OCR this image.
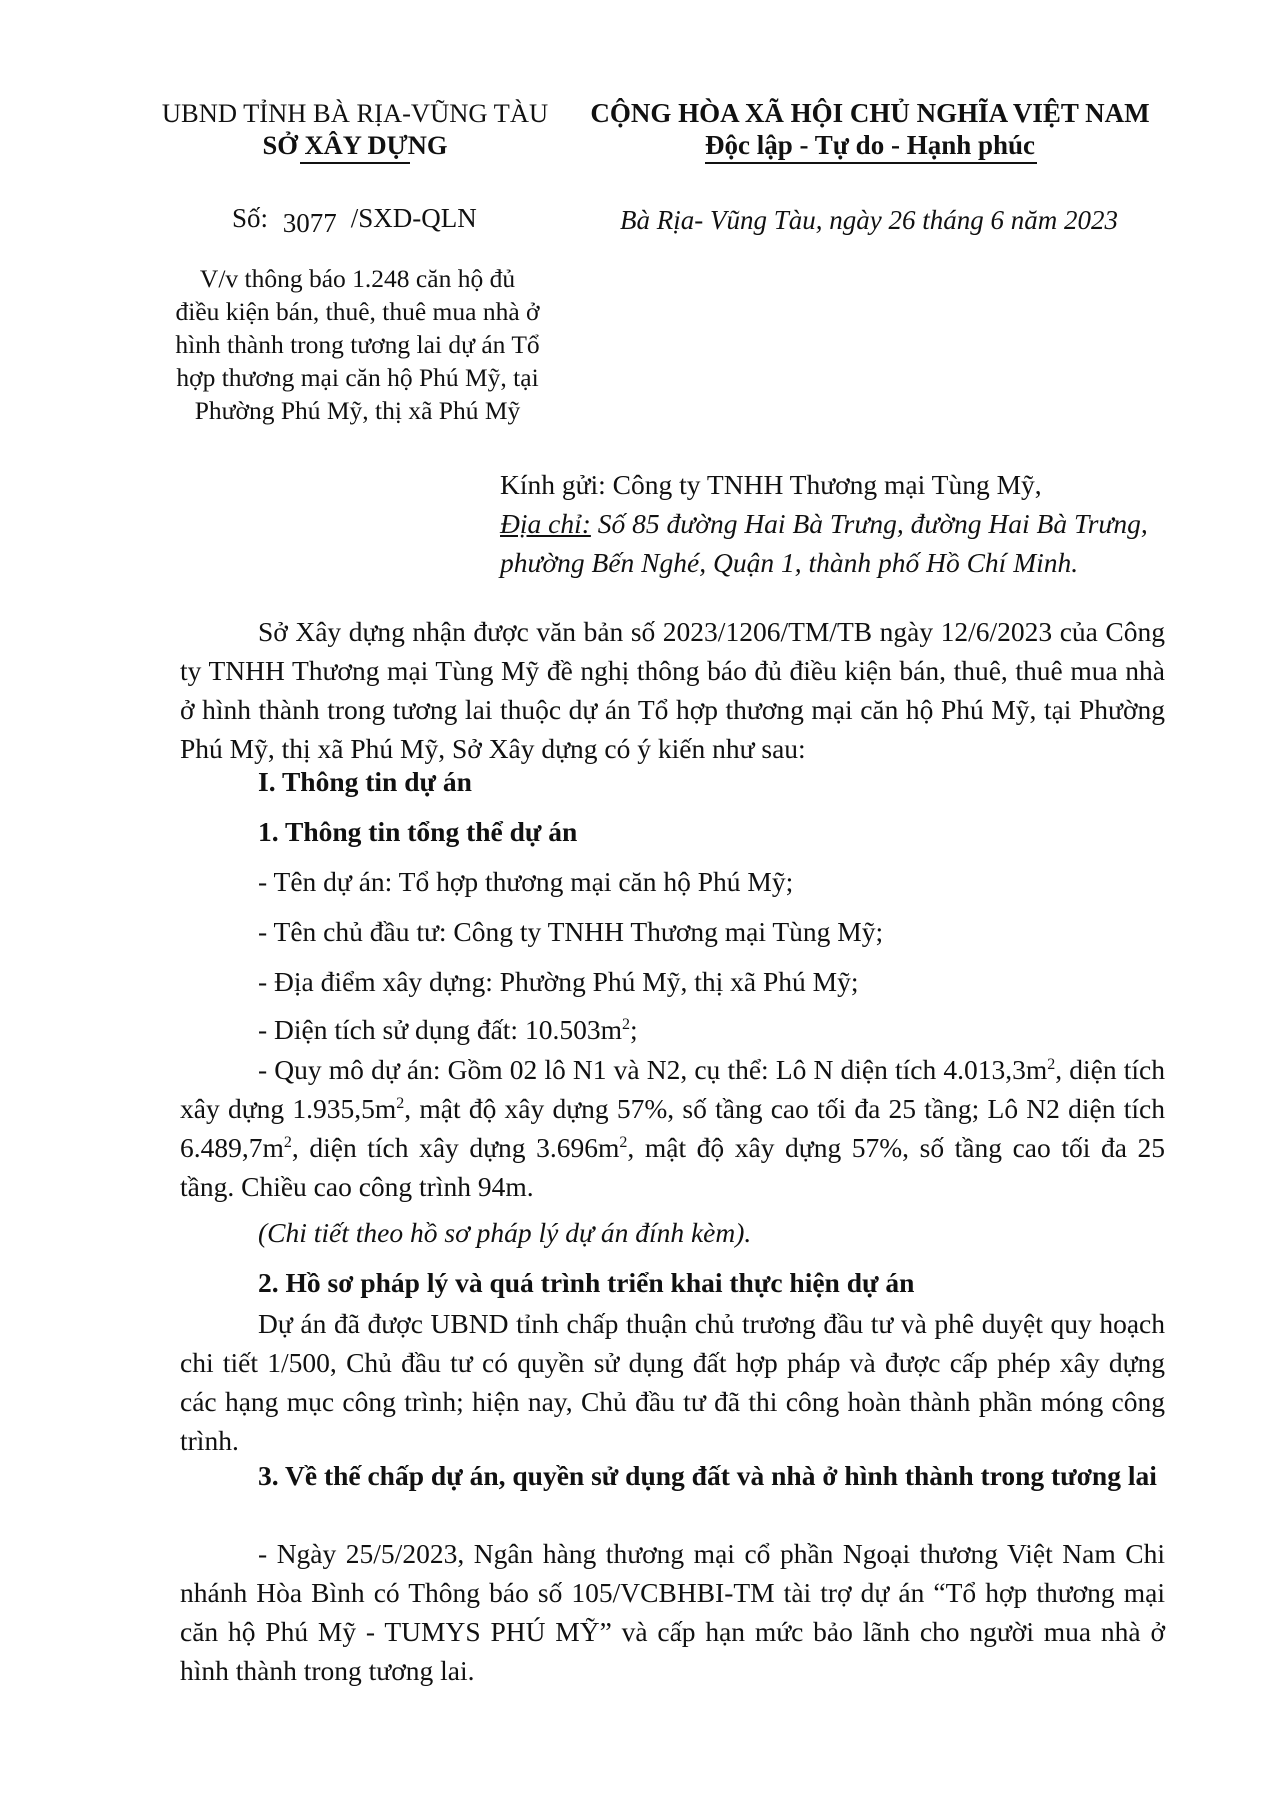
UBND TỈNH BÀ RỊA-VŨNG TÀU
SỞ XÂY DỰNG
CỘNG HÒA XÃ HỘI CHỦ NGHĨA VIỆT NAM
Độc lập - Tự do - Hạnh phúc
Số: 3077 /SXD-QLN	Bà Rịa- Vũng Tàu, ngày 26 tháng 6 năm 2023
V/v thông báo 1.248 căn hộ đủ
điều kiện bán, thuê, thuê mua nhà ở
hình thành trong tương lai dự án Tổ
hợp thương mại căn hộ Phú Mỹ, tại
Phường Phú Mỹ, thị xã Phú Mỹ
Kính gửi: Công ty TNHH Thương mại Tùng Mỹ,
Địa chỉ: Số 85 đường Hai Bà Trưng, đường Hai Bà Trưng,
phường Bến Nghé, Quận 1, thành phố Hồ Chí Minh.
Sở Xây dựng nhận được văn bản số 2023/1206/TM/TB ngày 12/6/2023 của Công ty TNHH Thương mại Tùng Mỹ đề nghị thông báo đủ điều kiện bán, thuê, thuê mua nhà ở hình thành trong tương lai thuộc dự án Tổ hợp thương mại căn hộ Phú Mỹ, tại Phường Phú Mỹ, thị xã Phú Mỹ, Sở Xây dựng có ý kiến như sau:
I. Thông tin dự án
1. Thông tin tổng thể dự án
- Tên dự án: Tổ hợp thương mại căn hộ Phú Mỹ;
- Tên chủ đầu tư: Công ty TNHH Thương mại Tùng Mỹ;
- Địa điểm xây dựng: Phường Phú Mỹ, thị xã Phú Mỹ;
- Diện tích sử dụng đất: $10.503m^2$;
- Quy mô dự án: Gồm 02 lô N1 và N2, cụ thể: Lô N diện tích $4.013,3m^2$, diện tích xây dựng $1.935,5m^2$, mật độ xây dựng 57%, số tầng cao tối đa 25 tầng; Lô N2 diện tích $6.489,7m^2$, diện tích xây dựng $3.696m^2$, mật độ xây dựng 57%, số tầng cao tối đa 25 tầng. Chiều cao công trình 94m.
(Chi tiết theo hồ sơ pháp lý dự án đính kèm).
2. Hồ sơ pháp lý và quá trình triển khai thực hiện dự án
Dự án đã được UBND tỉnh chấp thuận chủ trương đầu tư và phê duyệt quy hoạch chi tiết 1/500, Chủ đầu tư có quyền sử dụng đất hợp pháp và được cấp phép xây dựng các hạng mục công trình; hiện nay, Chủ đầu tư đã thi công hoàn thành phần móng công trình.
3. Về thế chấp dự án, quyền sử dụng đất và nhà ở hình thành trong tương lai
- Ngày 25/5/2023, Ngân hàng thương mại cổ phần Ngoại thương Việt Nam Chi nhánh Hòa Bình có Thông báo số 105/VCBHBI-TM tài trợ dự án “Tổ hợp thương mại căn hộ Phú Mỹ - TUMYS PHÚ MỸ” và cấp hạn mức bảo lãnh cho người mua nhà ở hình thành trong tương lai.
